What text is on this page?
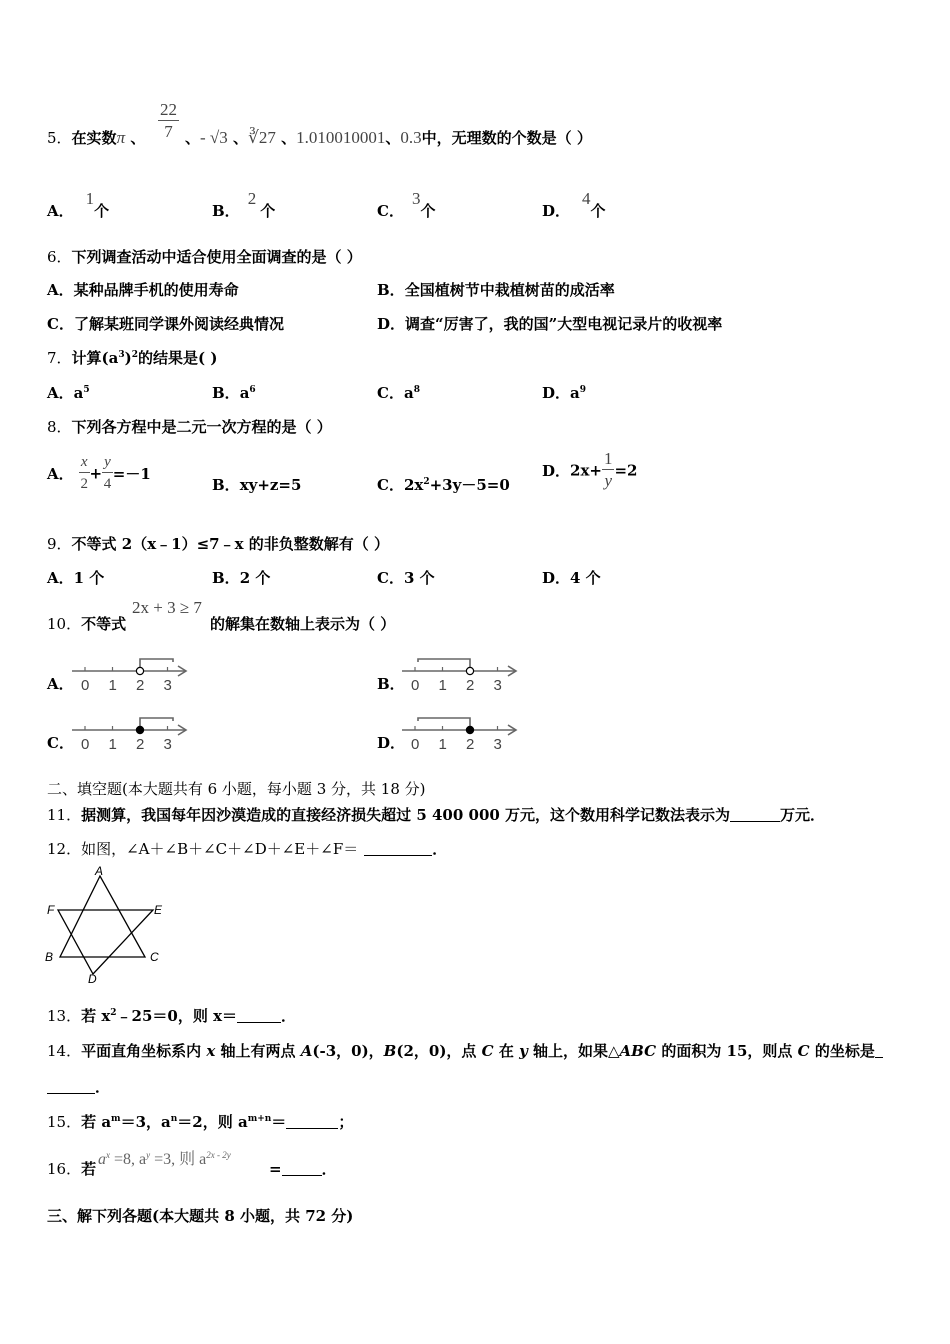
5．在实数π 、 $\frac{22}{7}$ 、- √3 、∛27 、1.010010001、0.3中，无理数的个数是（ ）
A．1个	B．2个	C．3个	D．4个
6．下列调查活动中适合使用全面调查的是（ ）
A．某种品牌手机的使用寿命	B．全国植树节中栽植树苗的成活率
C．了解某班同学课外阅读经典情况	D．调查“厉害了，我的国”大型电视记录片的收视率
7．计算$(a^3)^2$的结果是( )
A．$a^5$	B．$a^6$	C．$a^8$	D．$a^9$
8．下列各方程中是二元一次方程的是（ ）
A． $\frac{x}{2} + \frac{y}{4} =-1$
B．xy+z=5	C．$2x^2+3y-5=0$
D．$2x+ \frac{1}{y} =2$
9．不等式 2（x﹣1）≤7﹣x 的非负整数解有（ ）
A．1 个	B．2 个	C．3 个	D．4 个
10．不等式
2x + 3 ≥ 7
的解集在数轴上表示为（ ）
A．	B．
C．	D．
0 1 2 3	0 1 2 3
0 1 2 3	0 1 2 3
二、填空题(本大题共有 6 小题，每小题 3 分，共 18 分)
11．据测算，我国每年因沙漠造成的直接经济损失超过 5 400 000 万元，这个数用科学记数法表示为	万元．
12．如图，∠A＋∠B＋∠C＋∠D＋∠E＋∠F＝	．
A
F	E
B	C
D
13．若 $x^2﹣25=0$，则 x＝	．
14．平面直角坐标系内 x 轴上有两点 A(-3，0)，B(2，0)，点 C 在 y 轴上，如果△ABC 的面积为 15，则点 C 的坐标是
．
15．若 $a^m=3$，$a^n=2$，则 $a^{m+n}=$	；
16．若
$a^x =8$, $a^y =3$, 则 $a^{2x - 2y}$
=	．
三、解下列各题(本大题共 8 小题，共 72 分)
